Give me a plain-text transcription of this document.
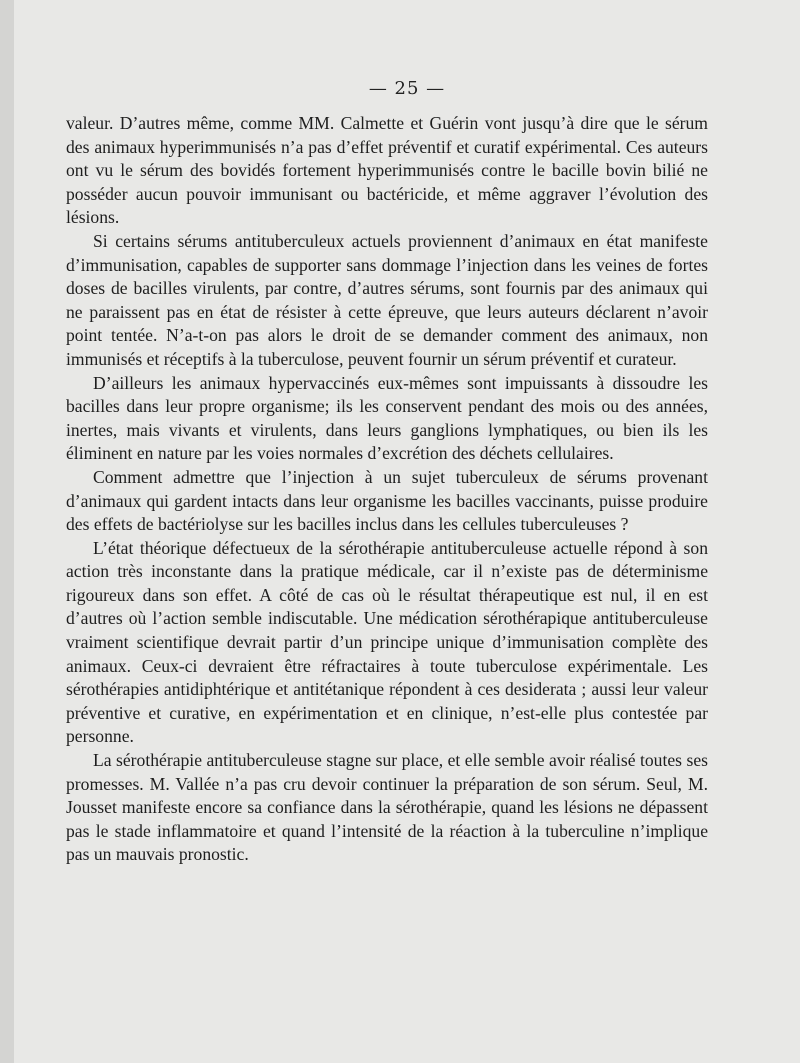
— 25 —

valeur. D’autres même, comme MM. Calmette et Guérin vont jusqu’à dire que le sérum des animaux hyperimmunisés n’a pas d’effet préventif et curatif expérimental. Ces auteurs ont vu le sérum des bovidés fortement hyperimmunisés contre le bacille bovin bilié ne posséder aucun pouvoir immunisant ou bactéricide, et même aggraver l’évolution des lésions.

Si certains sérums antituberculeux actuels proviennent d’animaux en état manifeste d’immunisation, capables de supporter sans dommage l’injection dans les veines de fortes doses de bacilles virulents, par contre, d’autres sérums, sont fournis par des animaux qui ne paraissent pas en état de résister à cette épreuve, que leurs auteurs déclarent n’avoir point tentée. N’a-t-on pas alors le droit de se demander comment des animaux, non immunisés et réceptifs à la tuberculose, peuvent fournir un sérum préventif et curateur.

D’ailleurs les animaux hypervaccinés eux-mêmes sont impuissants à dissoudre les bacilles dans leur propre organisme; ils les conservent pendant des mois ou des années, inertes, mais vivants et virulents, dans leurs ganglions lymphatiques, ou bien ils les éliminent en nature par les voies normales d’excrétion des déchets cellulaires.

Comment admettre que l’injection à un sujet tuberculeux de sérums provenant d’animaux qui gardent intacts dans leur organisme les bacilles vaccinants, puisse produire des effets de bactériolyse sur les bacilles inclus dans les cellules tuberculeuses ?

L’état théorique défectueux de la sérothérapie antituberculeuse actuelle répond à son action très inconstante dans la pratique médicale, car il n’existe pas de déterminisme rigoureux dans son effet. A côté de cas où le résultat thérapeutique est nul, il en est d’autres où l’action semble indiscutable. Une médication sérothérapique antituberculeuse vraiment scientifique devrait partir d’un principe unique d’immunisation complète des animaux. Ceux-ci devraient être réfractaires à toute tuberculose expérimentale. Les sérothérapies antidiphtérique et antitétanique répondent à ces desiderata ; aussi leur valeur préventive et curative, en expérimentation et en clinique, n’est-elle plus contestée par personne.

La sérothérapie antituberculeuse stagne sur place, et elle semble avoir réalisé toutes ses promesses. M. Vallée n’a pas cru devoir continuer la préparation de son sérum. Seul, M. Jousset manifeste encore sa confiance dans la sérothérapie, quand les lésions ne dépassent pas le stade inflammatoire et quand l’intensité de la réaction à la tuberculine n’implique pas un mauvais pronostic.
